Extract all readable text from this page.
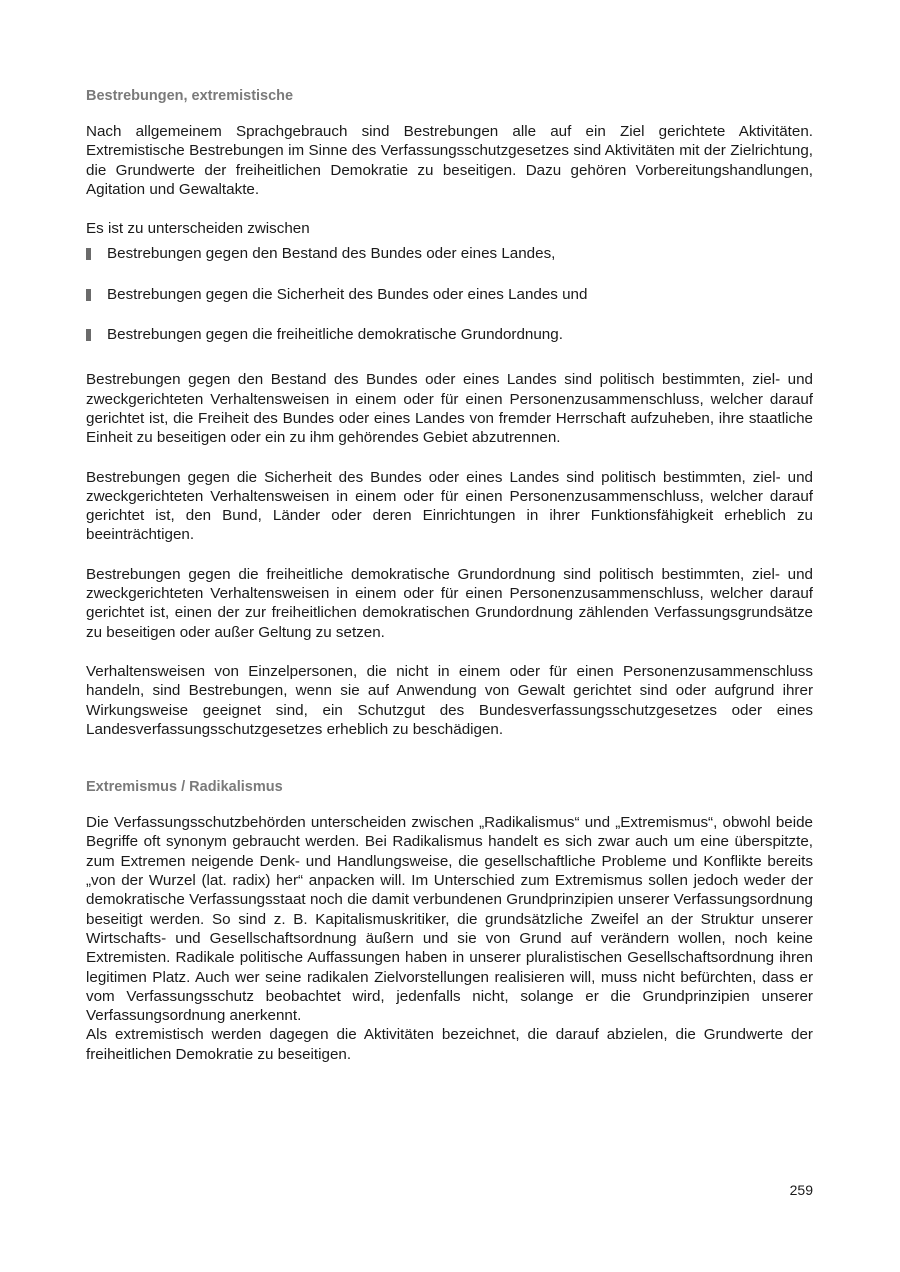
Bestrebungen, extremistische

Nach allgemeinem Sprachgebrauch sind Bestrebungen alle auf ein Ziel gerichtete Aktivitäten. Extremistische Bestrebungen im Sinne des Verfassungsschutzgesetzes sind Aktivitäten mit der Zielrichtung, die Grundwerte der freiheitlichen Demokratie zu beseitigen. Dazu gehören Vorbereitungshandlungen, Agitation und Gewaltakte.

Es ist zu unterscheiden zwischen

Bestrebungen gegen den Bestand des Bundes oder eines Landes,
Bestrebungen gegen die Sicherheit des Bundes oder eines Landes und
Bestrebungen gegen die freiheitliche demokratische Grundordnung.

Bestrebungen gegen den Bestand des Bundes oder eines Landes sind politisch bestimmten, ziel- und zweckgerichteten Verhaltensweisen in einem oder für einen Personenzusammenschluss, welcher darauf gerichtet ist, die Freiheit des Bundes oder eines Landes von fremder Herrschaft aufzuheben, ihre staatliche Einheit zu beseitigen oder ein zu ihm gehörendes Gebiet abzutrennen.

Bestrebungen gegen die Sicherheit des Bundes oder eines Landes sind politisch bestimmten, ziel- und zweckgerichteten Verhaltensweisen in einem oder für einen Personenzusammenschluss, welcher darauf gerichtet ist, den Bund, Länder oder deren Einrichtungen in ihrer Funktionsfähigkeit erheblich zu beeinträchtigen.

Bestrebungen gegen die freiheitliche demokratische Grundordnung sind politisch bestimmten, ziel- und zweckgerichteten Verhaltensweisen in einem oder für einen Personenzusammenschluss, welcher darauf gerichtet ist, einen der zur freiheitlichen demokratischen Grundordnung zählenden Verfassungsgrundsätze zu beseitigen oder außer Geltung zu setzen.

Verhaltensweisen von Einzelpersonen, die nicht in einem oder für einen Personenzusammenschluss handeln, sind Bestrebungen, wenn sie auf Anwendung von Gewalt gerichtet sind oder aufgrund ihrer Wirkungsweise geeignet sind, ein Schutzgut des Bundesverfassungsschutzgesetzes oder eines Landesverfassungsschutzgesetzes erheblich zu beschädigen.

Extremismus / Radikalismus

Die Verfassungsschutzbehörden unterscheiden zwischen „Radikalismus“ und „Extremismus“, obwohl beide Begriffe oft synonym gebraucht werden. Bei Radikalismus handelt es sich zwar auch um eine überspitzte, zum Extremen neigende Denk- und Handlungsweise, die gesellschaftliche Probleme und Konflikte bereits „von der Wurzel (lat. radix) her“ anpacken will. Im Unterschied zum Extremismus sollen jedoch weder der demokratische Verfassungsstaat noch die damit verbundenen Grundprinzipien unserer Verfassungsordnung beseitigt werden. So sind z. B. Kapitalismuskritiker, die grundsätzliche Zweifel an der Struktur unserer Wirtschafts- und Gesellschaftsordnung äußern und sie von Grund auf verändern wollen, noch keine Extremisten. Radikale politische Auffassungen haben in unserer pluralistischen Gesellschaftsordnung ihren legitimen Platz. Auch wer seine radikalen Zielvorstellungen realisieren will, muss nicht befürchten, dass er vom Verfassungsschutz beobachtet wird, jedenfalls nicht, solange er die Grundprinzipien unserer Verfassungsordnung anerkennt.

Als extremistisch werden dagegen die Aktivitäten bezeichnet, die darauf abzielen, die Grundwerte der freiheitlichen Demokratie zu beseitigen.

259
